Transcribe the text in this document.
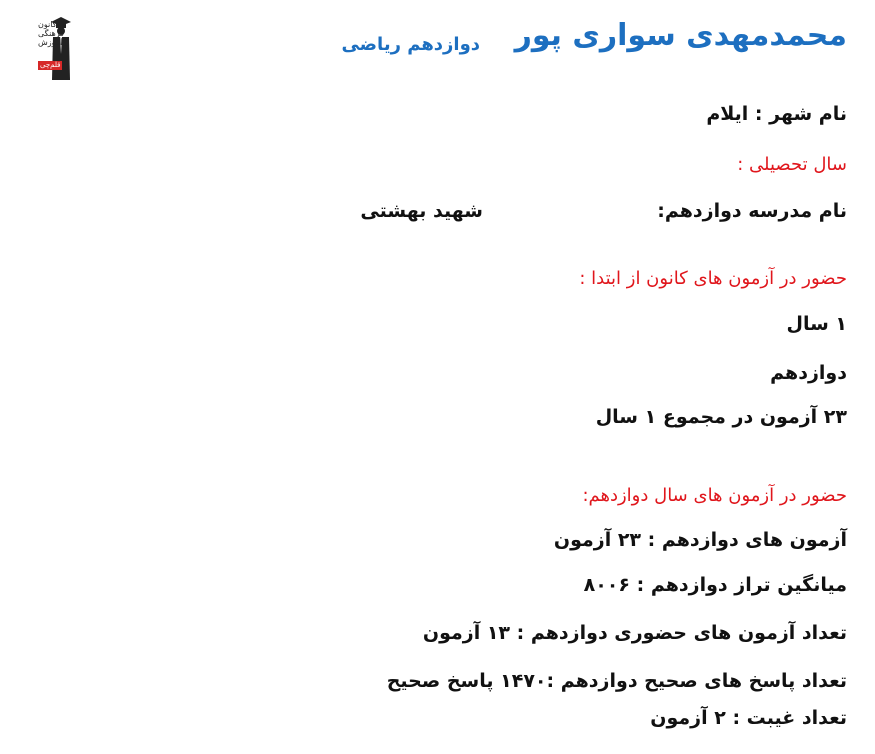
کانون
فرهنگی
آموزش
قلم‌چی
محمدمهدی سواری پور
دوازدهم ریاضی
نام شهر : ایلام
سال تحصیلی :
نام مدرسه دوازدهم:
شهید بهشتی
حضور در آزمون های کانون از ابتدا :
۱ سال
دوازدهم
۲۳ آزمون در مجموع ۱ سال
حضور در آزمون های سال دوازدهم:
آزمون های دوازدهم : ۲۳ آزمون
میانگین تراز دوازدهم : ۸۰۰۶
تعداد آزمون های حضوری دوازدهم : ۱۳ آزمون
تعداد پاسخ های صحیح دوازدهم :۱۴۷۰ پاسخ صحیح
تعداد غیبت : ۲ آزمون
